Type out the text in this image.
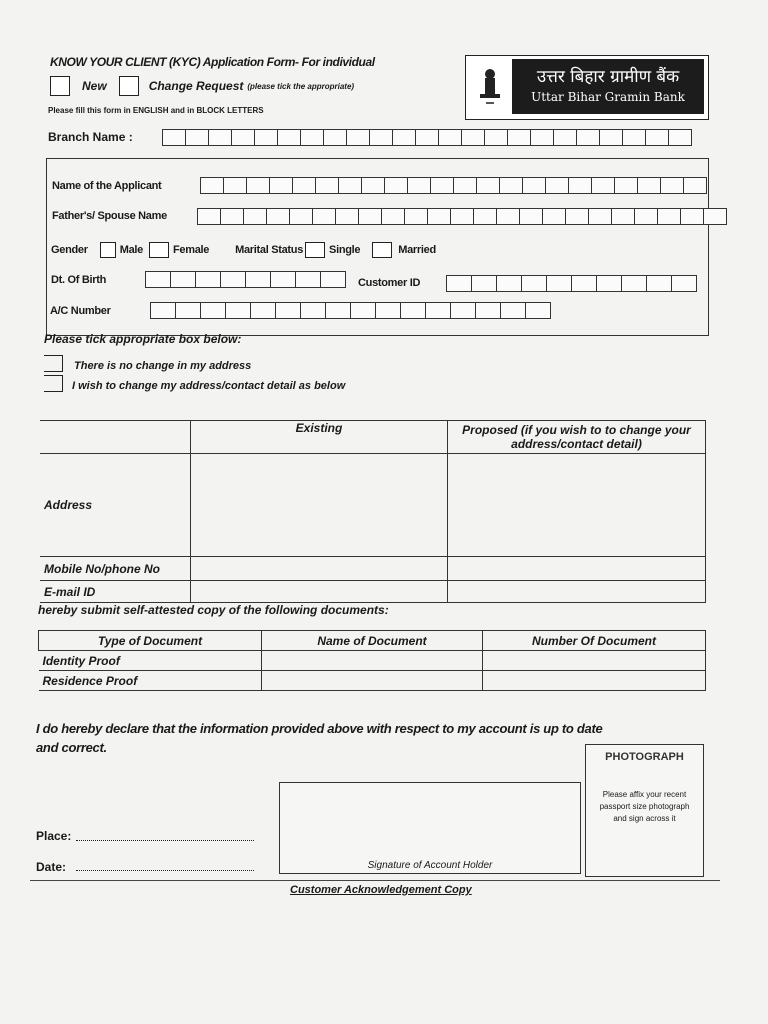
KNOW YOUR CLIENT (KYC) Application Form- For individual
New	Change Request (please tick the appropriate)
Please fill this form in ENGLISH and in BLOCK LETTERS
उत्तर बिहार ग्रामीण बैंक
Uttar Bihar Gramin Bank
Branch Name :
Name of the Applicant
Father's/ Spouse Name
Gender	Male	Female Marital Status Single	Married
Dt. Of Birth	Customer ID
A/C Number
Please tick appropriate box below:
There is no change in my address
I wish to change my address/contact detail as below
	Existing	Proposed (if you wish to to change your address/contact detail)
Address		
Mobile No/phone No		
E-mail ID		
hereby submit self-attested copy of the following documents:
Type of Document	Name of Document	Number Of Document
Identity Proof		
Residence Proof		
I do hereby declare that the information provided above with respect to my account is up to date
and correct.
Place:
Date:	Signature of Account Holder
PHOTOGRAPH
Please affix your recent passport size photograph and sign across it
Customer Acknowledgement Copy
